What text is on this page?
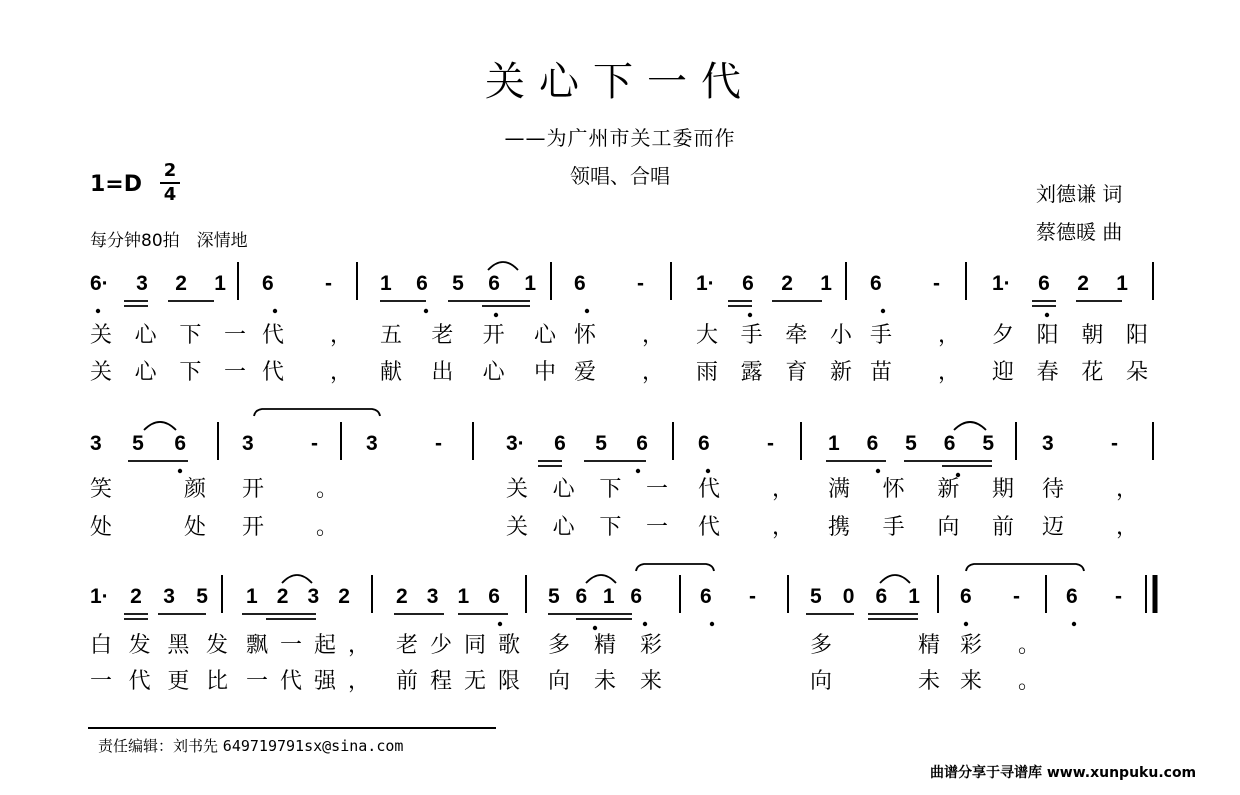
关心下一代
——为广州市关工委而作
领唱、合唱
$1=D \frac{2}{4}$
每分钟80拍　深情地
刘德谦 词
蔡德暖 曲
6· 3 2 1
关 心 下 一
关 心 下 一
6 -
代 ，
代 ，
1 6 5 6 1
五 老 开 心
献 出 心 中
6 -
怀 ，
爱 ，
1· 6 2 1
大 手 牵 小
雨 露 育 新
6 -
手 ，
苗 ，
1· 6 2 1
夕 阳 朝 阳
迎 春 花 朵
3 5 6
笑	颜
处	处
3	-
开 。
开 。
3	-	3· 6 5 6
关 心 下 一
关 心 下 一
6	-
代 ，
代 ，
1 6 5 6 5
满 怀 新 期
携 手 向 前
3	-
待 ，
迈 ，
1· 2 3 5
白 发 黑 发
一 代 更 比
1 2 3 2
飘 一 起 ，
一 代 强 ，
2 3 1 6
老 少 同 歌
前 程 无 限
5 6 1 6
多 精 彩
向 未 来
6 -	5 0 6 1
多	精
向	未
6 -
彩 。
来 。
6 -
责任编辑：刘书先 649719791sx@sina.com
曲谱分享于寻谱库 www.xunpuku.com
